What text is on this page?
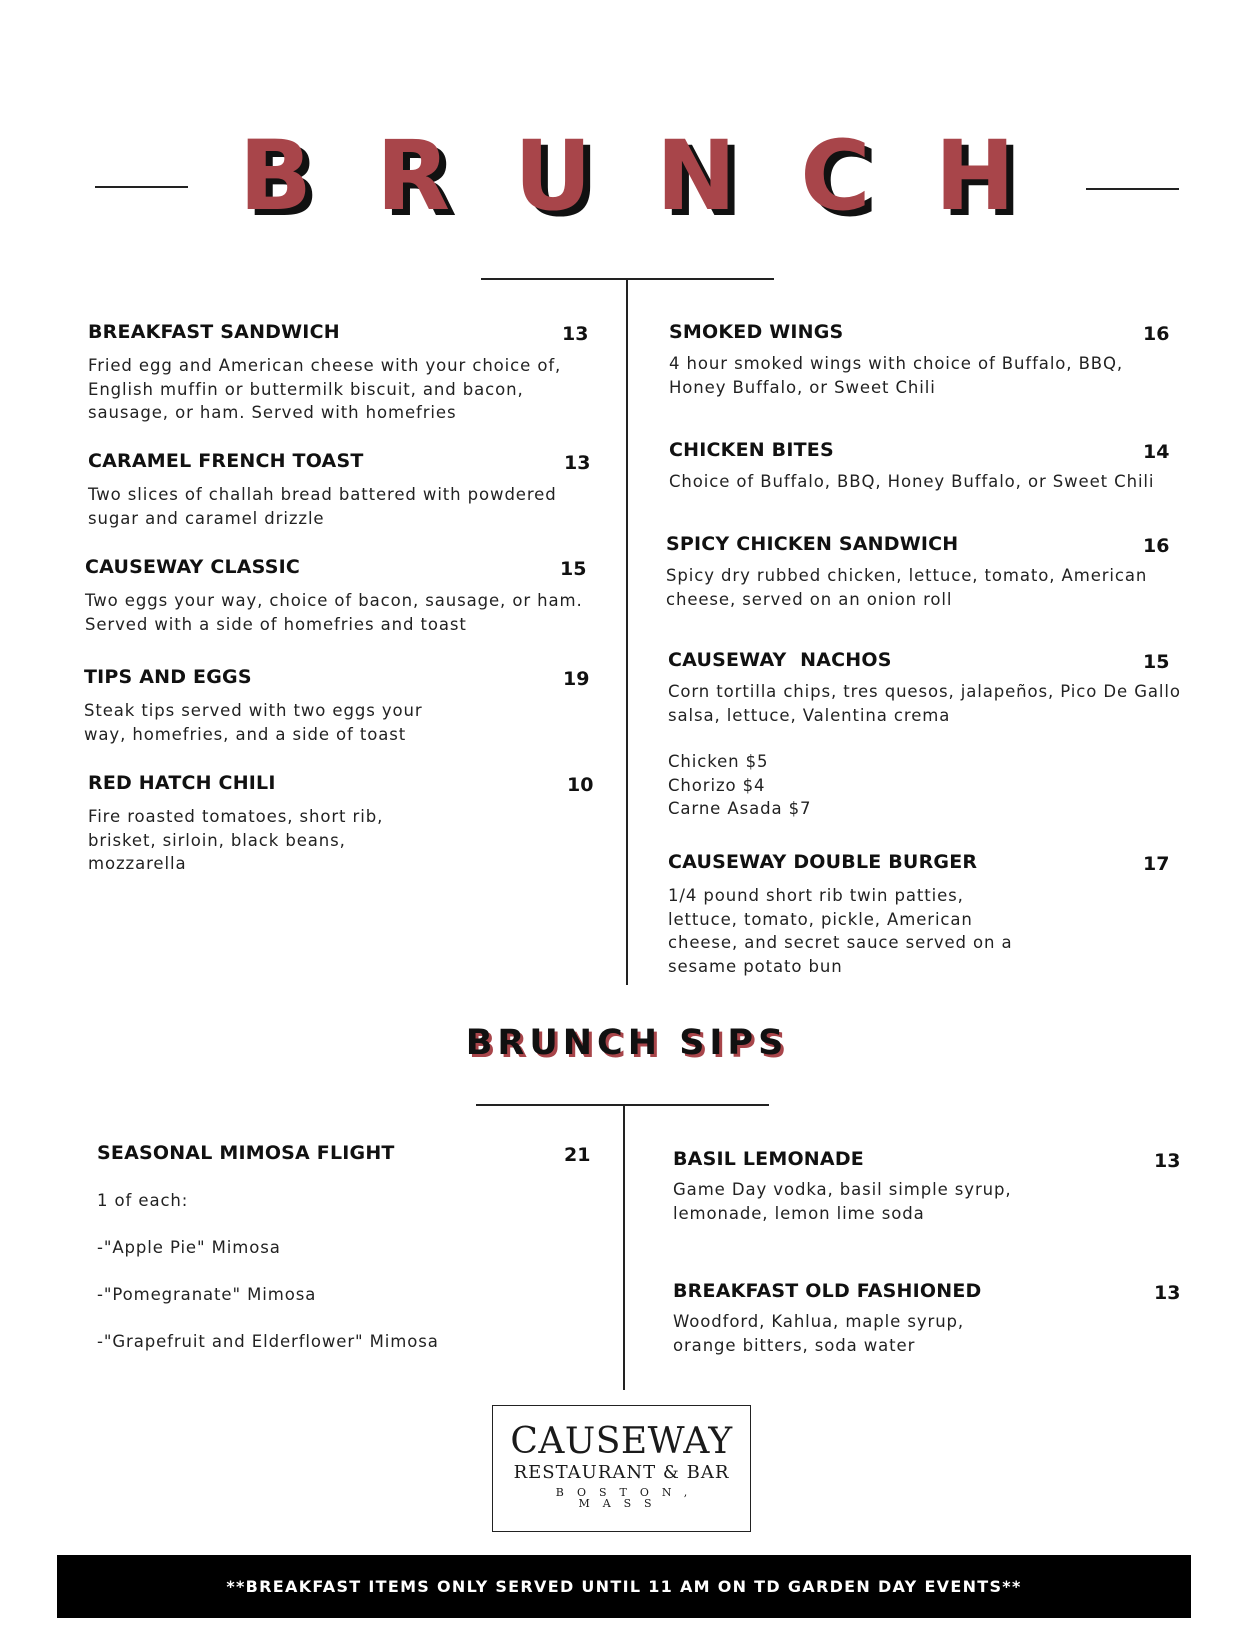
BRUNCH
BREAKFAST SANDWICH	13
Fried egg and American cheese with your choice of,
English muffin or buttermilk biscuit, and bacon,
sausage, or ham. Served with homefries
CARAMEL FRENCH TOAST	13
Two slices of challah bread battered with powdered
sugar and caramel drizzle
CAUSEWAY CLASSIC	15
Two eggs your way, choice of bacon, sausage, or ham.
Served with a side of homefries and toast
TIPS AND EGGS	19
Steak tips served with two eggs your
way, homefries, and a side of toast
RED HATCH CHILI	10
Fire roasted tomatoes, short rib,
brisket, sirloin, black beans,
mozzarella
SMOKED WINGS	16
4 hour smoked wings with choice of Buffalo, BBQ,
Honey Buffalo, or Sweet Chili
CHICKEN BITES	14
Choice of Buffalo, BBQ, Honey Buffalo, or Sweet Chili
SPICY CHICKEN SANDWICH	16
Spicy dry rubbed chicken, lettuce, tomato, American
cheese, served on an onion roll
CAUSEWAY  NACHOS	15
Corn tortilla chips, tres quesos, jalapeños, Pico De Gallo
salsa, lettuce, Valentina crema
Chicken $5
Chorizo $4
Carne Asada $7
CAUSEWAY DOUBLE BURGER	17
1/4 pound short rib twin patties,
lettuce, tomato, pickle, American
cheese, and secret sauce served on a
sesame potato bun
BRUNCH SIPS
SEASONAL MIMOSA FLIGHT	21
1 of each:
-"Apple Pie" Mimosa
-"Pomegranate" Mimosa
-"Grapefruit and Elderflower" Mimosa
BASIL LEMONADE	13
Game Day vodka, basil simple syrup,
lemonade, lemon lime soda
BREAKFAST OLD FASHIONED	13
Woodford, Kahlua, maple syrup,
orange bitters, soda water
CAUSEWAY
RESTAURANT & BAR
BOSTON, MASS
**BREAKFAST ITEMS ONLY SERVED UNTIL 11 AM ON TD GARDEN DAY EVENTS**
